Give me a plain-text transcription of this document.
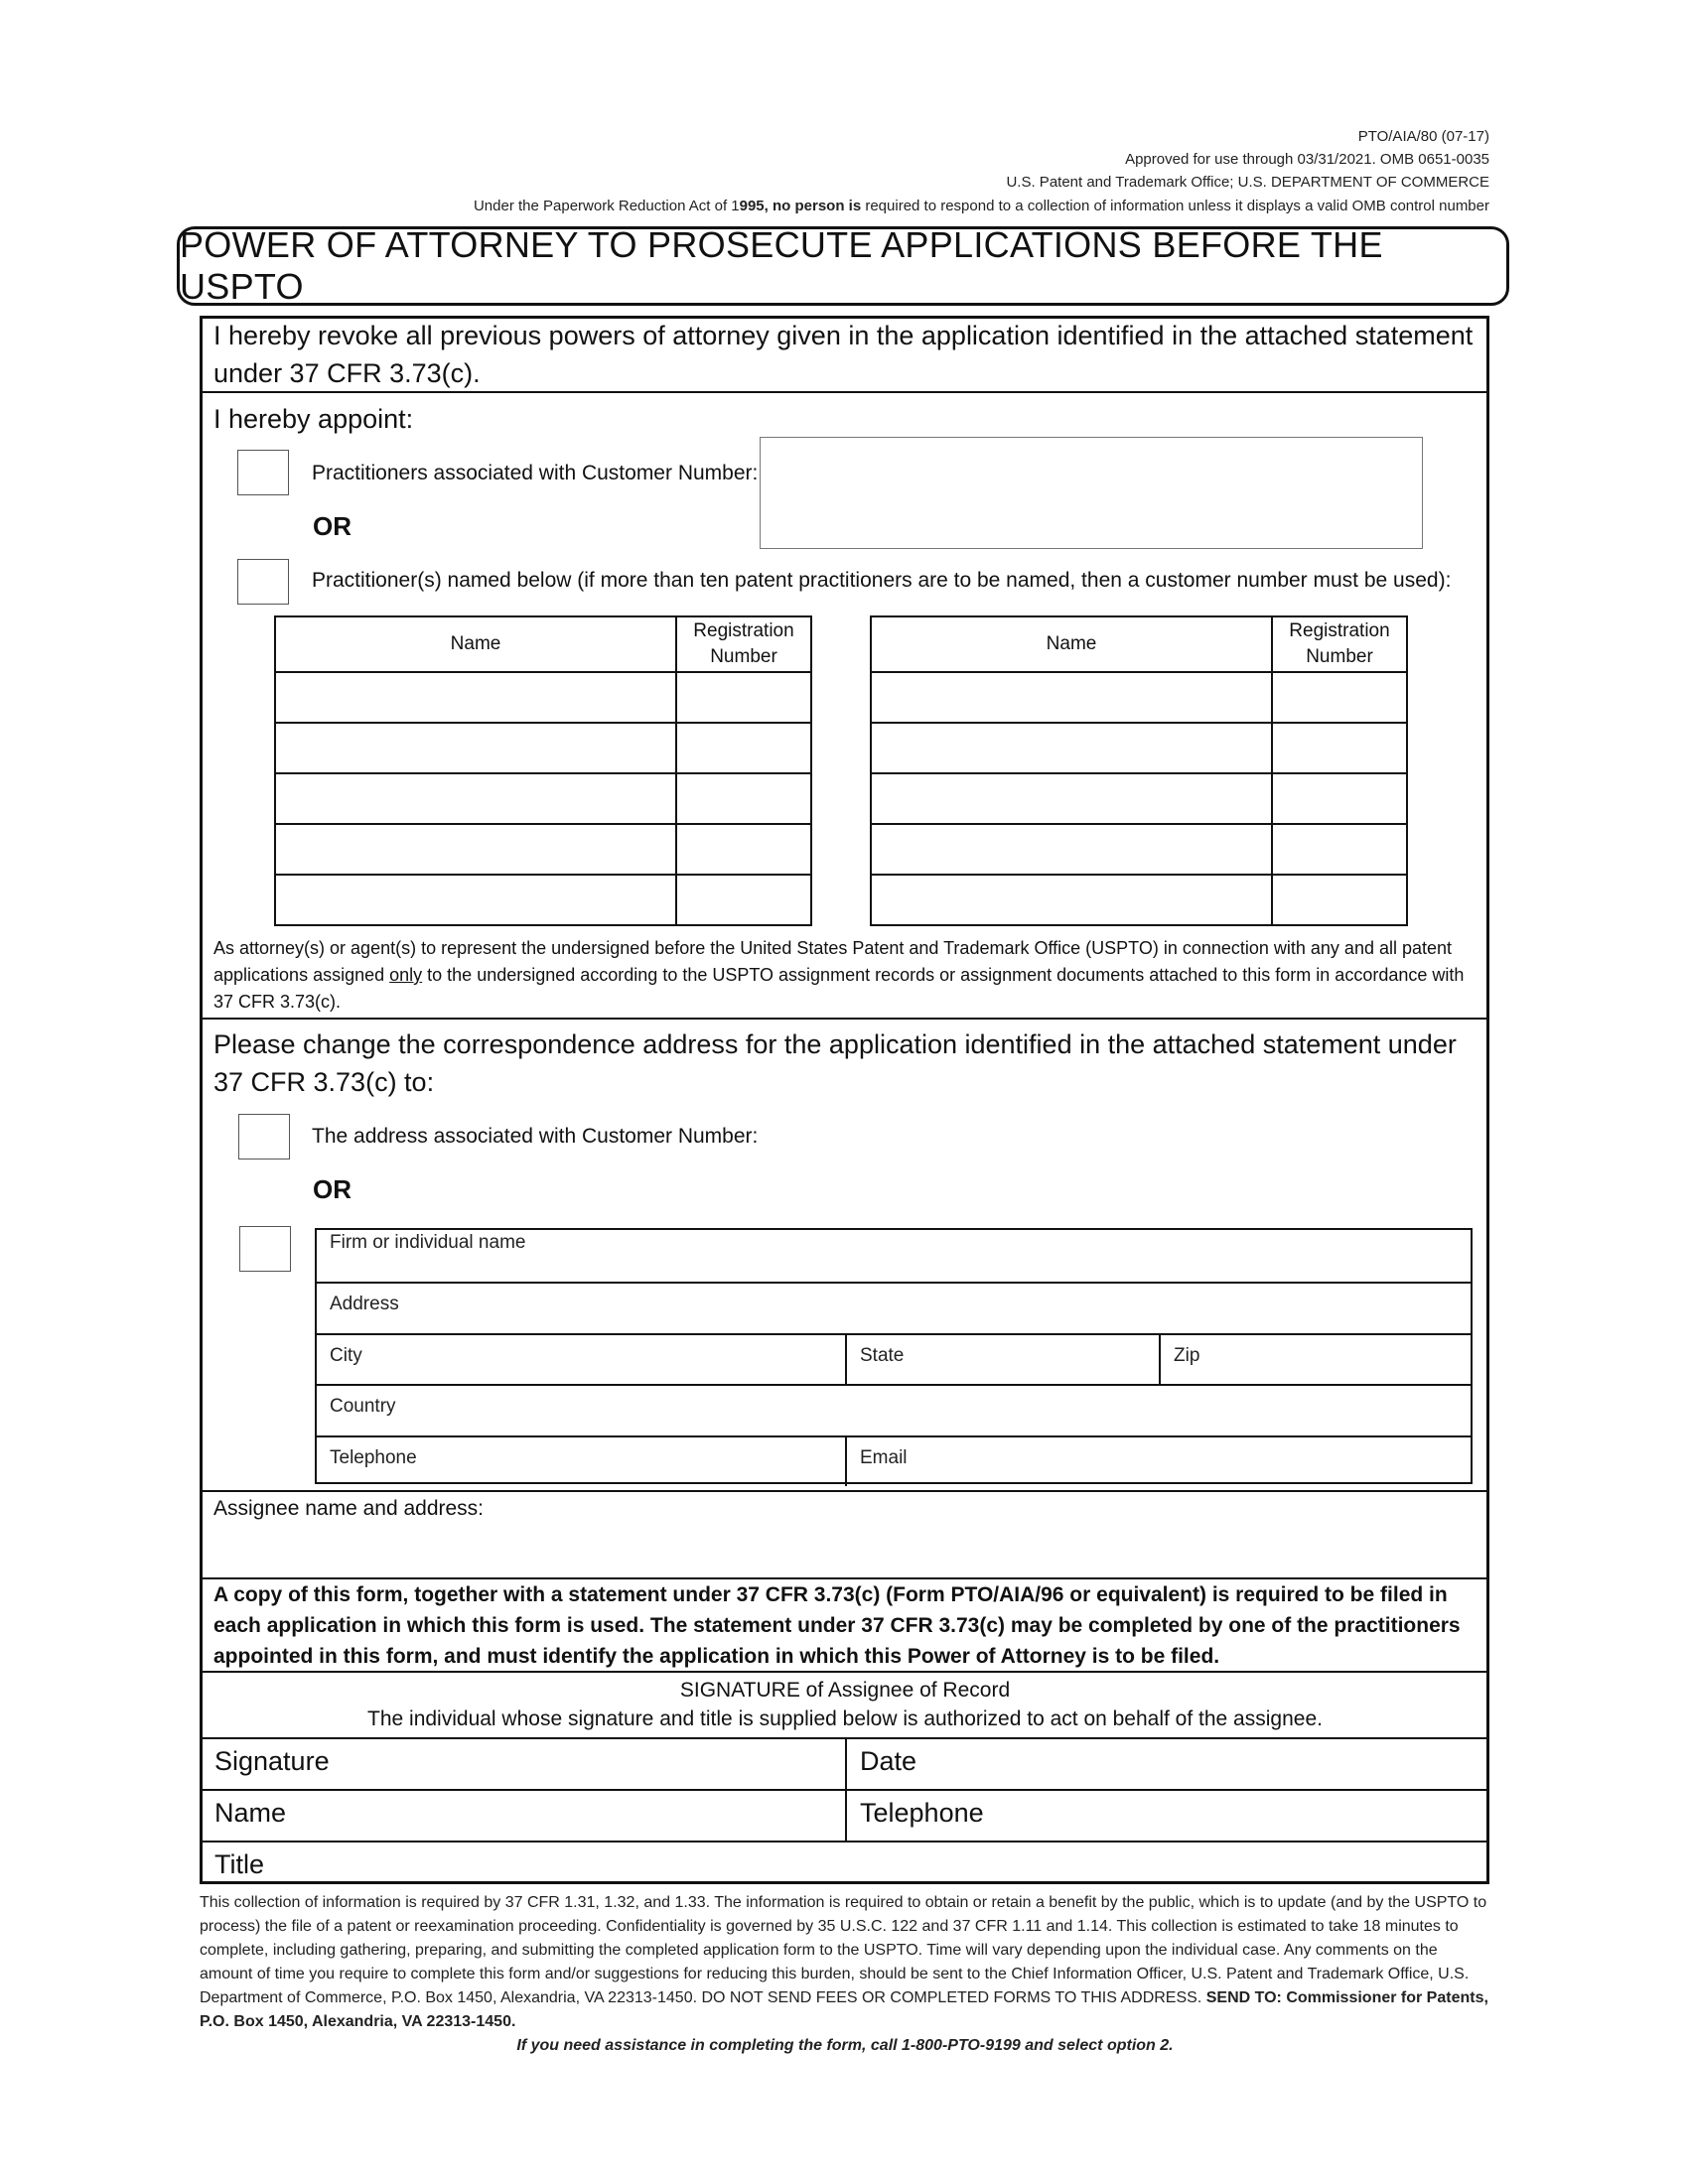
PTO/AIA/80 (07-17)
Approved for use through 03/31/2021. OMB 0651-0035
U.S. Patent and Trademark Office; U.S. DEPARTMENT OF COMMERCE
Under the Paperwork Reduction Act of 1995, no person is required to respond to a collection of information unless it displays a valid OMB control number
POWER OF ATTORNEY TO PROSECUTE APPLICATIONS BEFORE THE USPTO
I hereby revoke all previous powers of attorney given in the application identified in the attached statement under 37 CFR 3.73(c).
I hereby appoint:
Practitioners associated with Customer Number:
OR
Practitioner(s) named below (if more than ten patent practitioners are to be named, then a customer number must be used):
Name	Registration
Number

Name	Registration
Number

As attorney(s) or agent(s) to represent the undersigned before the United States Patent and Trademark Office (USPTO) in connection with any and all patent applications assigned only to the undersigned according to the USPTO assignment records or assignment documents attached to this form in accordance with 37 CFR 3.73(c).
Please change the correspondence address for the application identified in the attached statement under 37 CFR 3.73(c) to:
The address associated with Customer Number:
OR
Firm or individual name
Address
City	State	Zip
Country
Telephone	Email
Assignee name and address:
A copy of this form, together with a statement under 37 CFR 3.73(c) (Form PTO/AIA/96 or equivalent) is required to be filed in each application in which this form is used. The statement under 37 CFR 3.73(c) may be completed by one of the practitioners appointed in this form, and must identify the application in which this Power of Attorney is to be filed.
SIGNATURE of Assignee of Record
The individual whose signature and title is supplied below is authorized to act on behalf of the assignee.
Signature	Date
Name	Telephone
Title
This collection of information is required by 37 CFR 1.31, 1.32, and 1.33. The information is required to obtain or retain a benefit by the public, which is to update (and by the USPTO to process) the file of a patent or reexamination proceeding. Confidentiality is governed by 35 U.S.C. 122 and 37 CFR 1.11 and 1.14. This collection is estimated to take 18 minutes to complete, including gathering, preparing, and submitting the completed application form to the USPTO. Time will vary depending upon the individual case. Any comments on the amount of time you require to complete this form and/or suggestions for reducing this burden, should be sent to the Chief Information Officer, U.S. Patent and Trademark Office, U.S. Department of Commerce, P.O. Box 1450, Alexandria, VA 22313-1450. DO NOT SEND FEES OR COMPLETED FORMS TO THIS ADDRESS. SEND TO: Commissioner for Patents, P.O. Box 1450, Alexandria, VA 22313-1450.
If you need assistance in completing the form, call 1-800-PTO-9199 and select option 2.
